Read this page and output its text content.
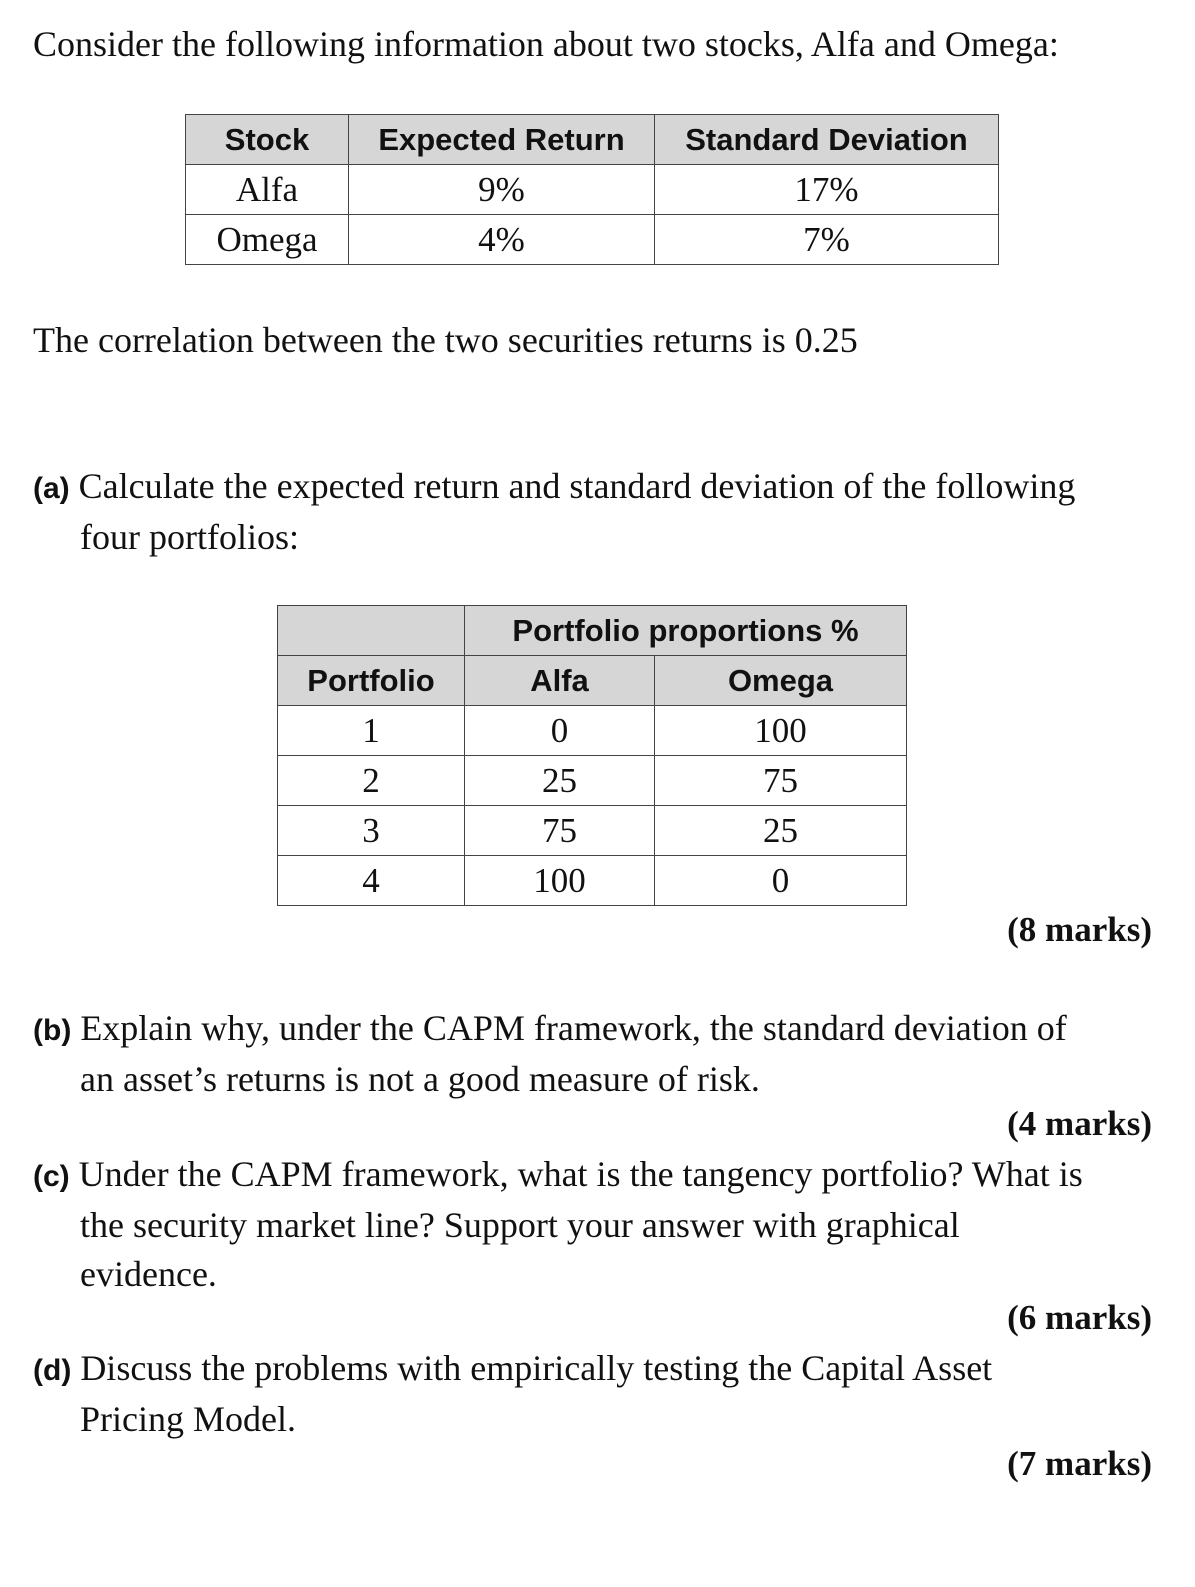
Consider the following information about two stocks, Alfa and Omega:
Stock	Expected Return	Standard Deviation
Alfa	9%	17%
Omega	4%	7%
The correlation between the two securities returns is 0.25
(a) Calculate the expected return and standard deviation of the following
four portfolios:
	Portfolio proportions %	
Portfolio	Alfa	Omega
1	0	100
2	25	75
3	75	25
4	100	0
(8 marks)
(b) Explain why, under the CAPM framework, the standard deviation of
an asset’s returns is not a good measure of risk.
(4 marks)
(c) Under the CAPM framework, what is the tangency portfolio? What is
the security market line? Support your answer with graphical
evidence.
(6 marks)
(d) Discuss the problems with empirically testing the Capital Asset
Pricing Model.
(7 marks)
